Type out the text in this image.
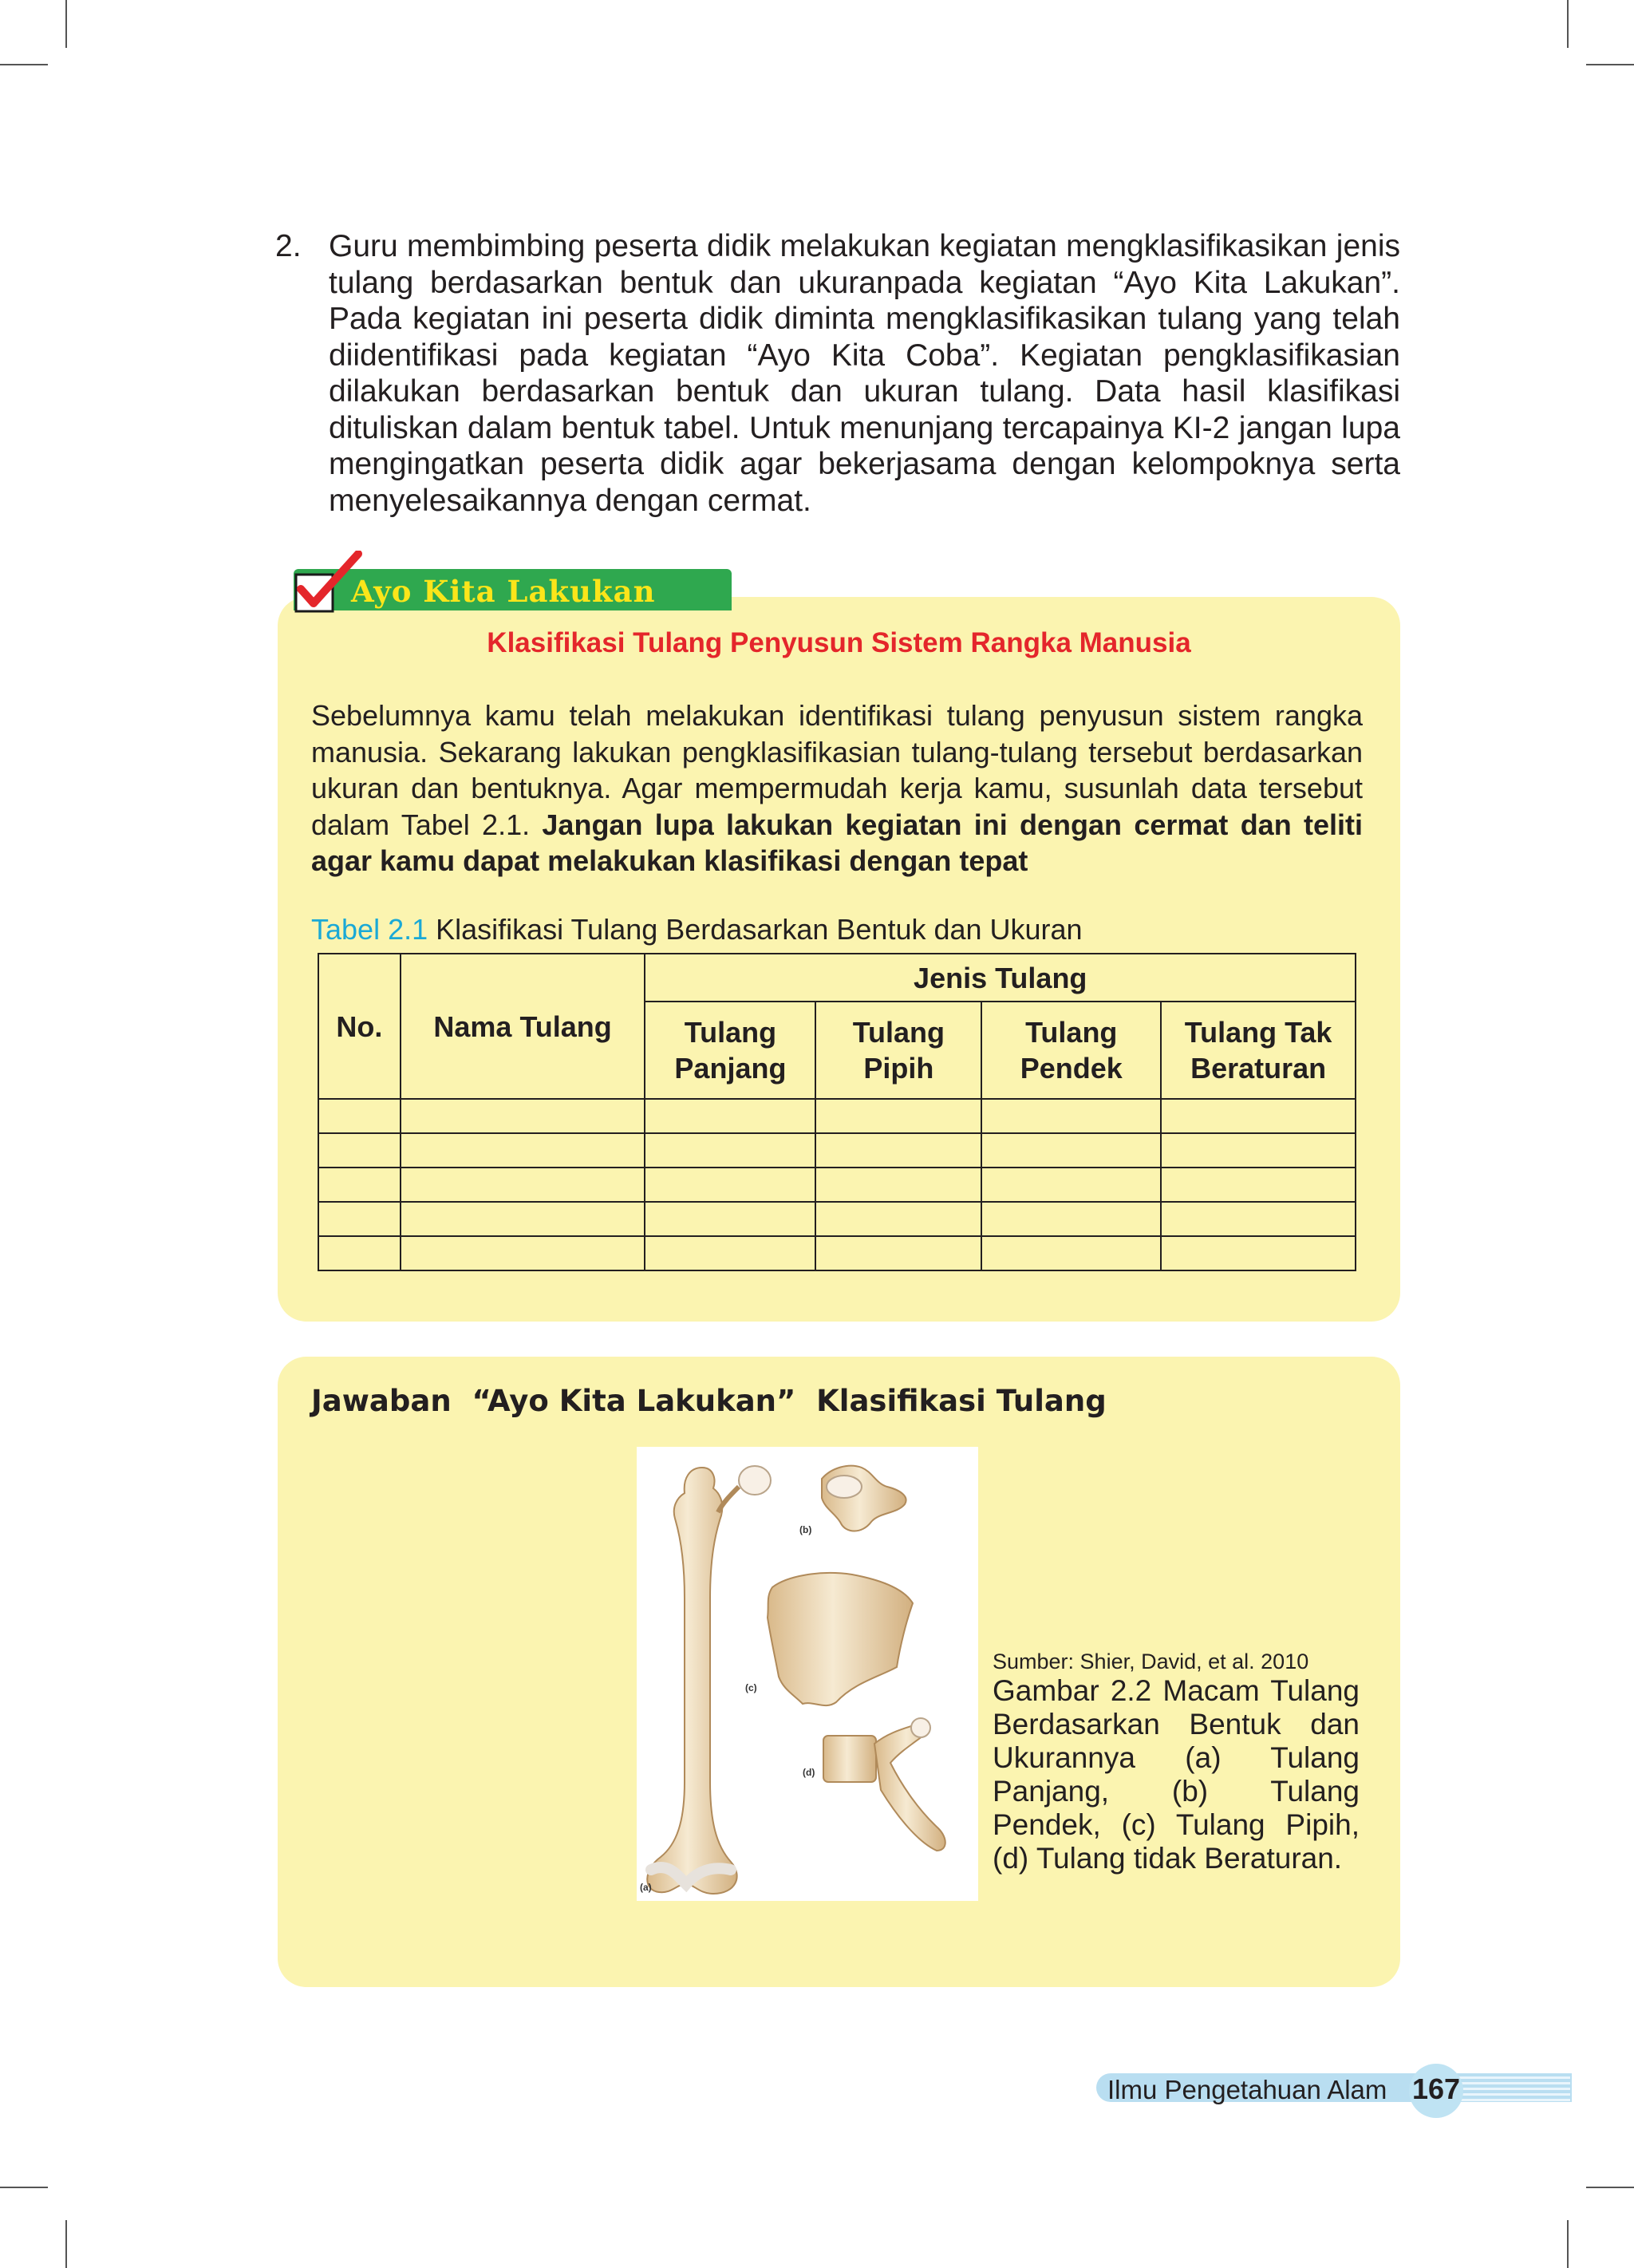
2. Guru membimbing peserta didik melakukan kegiatan mengklasifikasikan jenis tulang berdasarkan bentuk dan ukuranpada kegiatan “Ayo Kita Lakukan”. Pada kegiatan ini peserta didik diminta mengklasifikasikan tulang yang telah diidentifikasi pada kegiatan “Ayo Kita Coba”. Kegiatan pengklasifikasian dilakukan berdasarkan bentuk dan ukuran tulang. Data hasil klasifikasi dituliskan dalam bentuk tabel. Untuk menunjang tercapainya KI-2 jangan lupa mengingatkan peserta didik agar bekerjasama dengan kelompoknya serta menyelesaikannya dengan cermat.
Ayo Kita Lakukan
Klasifikasi Tulang Penyusun Sistem Rangka Manusia
Sebelumnya kamu telah melakukan identifikasi tulang penyusun sistem rangka manusia. Sekarang lakukan pengklasifikasian tulang-tulang tersebut berdasarkan ukuran dan bentuknya. Agar mempermudah kerja kamu, susunlah data tersebut dalam Tabel 2.1. Jangan lupa lakukan kegiatan ini dengan cermat dan teliti agar kamu dapat melakukan klasifikasi dengan tepat
Tabel 2.1 Klasifikasi Tulang Berdasarkan Bentuk dan Ukuran
No.	Nama Tulang	Jenis Tulang			
		Tulang Panjang	Tulang Pipih	Tulang Pendek	Tulang Tak Beraturan

Jawaban  “Ayo Kita Lakukan”  Klasifikasi Tulang
(a)
(b)
(c)
(d)
Sumber: Shier, David, et al. 2010
Gambar 2.2 Macam Tulang Berdasarkan Bentuk dan Ukurannya (a) Tulang Panjang, (b) Tulang Pendek, (c) Tulang Pipih, (d) Tulang tidak Beraturan.
Ilmu Pengetahuan Alam 167
